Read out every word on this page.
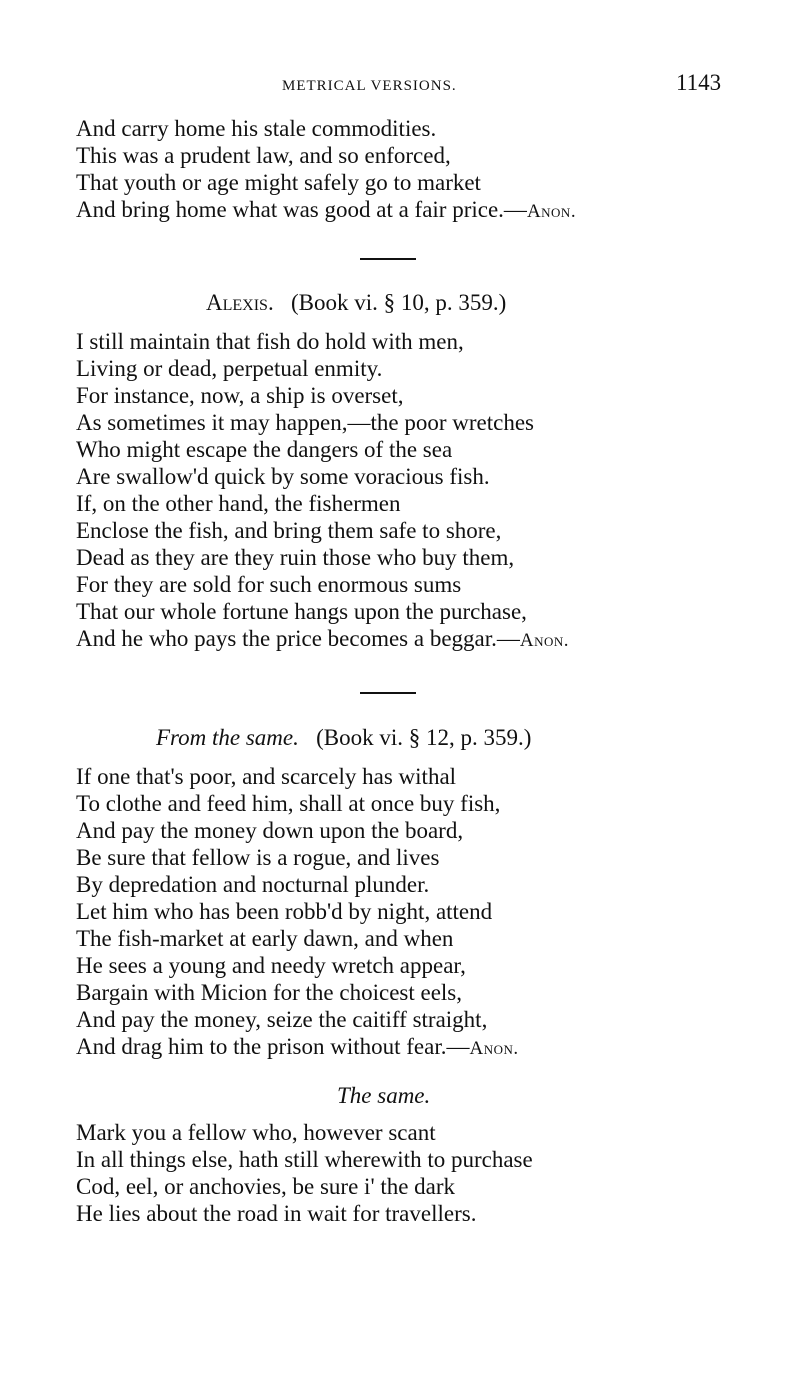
METRICAL VERSIONS.	1143
And carry home his stale commodities.
This was a prudent law, and so enforced,
That youth or age might safely go to market
And bring home what was good at a fair price.—Anon.
Alexis. (Book vi. § 10, p. 359.)
I still maintain that fish do hold with men,
Living or dead, perpetual enmity.
For instance, now, a ship is overset,
As sometimes it may happen,—the poor wretches
Who might escape the dangers of the sea
Are swallow'd quick by some voracious fish.
If, on the other hand, the fishermen
Enclose the fish, and bring them safe to shore,
Dead as they are they ruin those who buy them,
For they are sold for such enormous sums
That our whole fortune hangs upon the purchase,
And he who pays the price becomes a beggar.—Anon.
From the same. (Book vi. § 12, p. 359.)
If one that's poor, and scarcely has withal
To clothe and feed him, shall at once buy fish,
And pay the money down upon the board,
Be sure that fellow is a rogue, and lives
By depredation and nocturnal plunder.
Let him who has been robb'd by night, attend
The fish-market at early dawn, and when
He sees a young and needy wretch appear,
Bargain with Micion for the choicest eels,
And pay the money, seize the caitiff straight,
And drag him to the prison without fear.—Anon.
The same.
Mark you a fellow who, however scant
In all things else, hath still wherewith to purchase
Cod, eel, or anchovies, be sure i' the dark
He lies about the road in wait for travellers.
